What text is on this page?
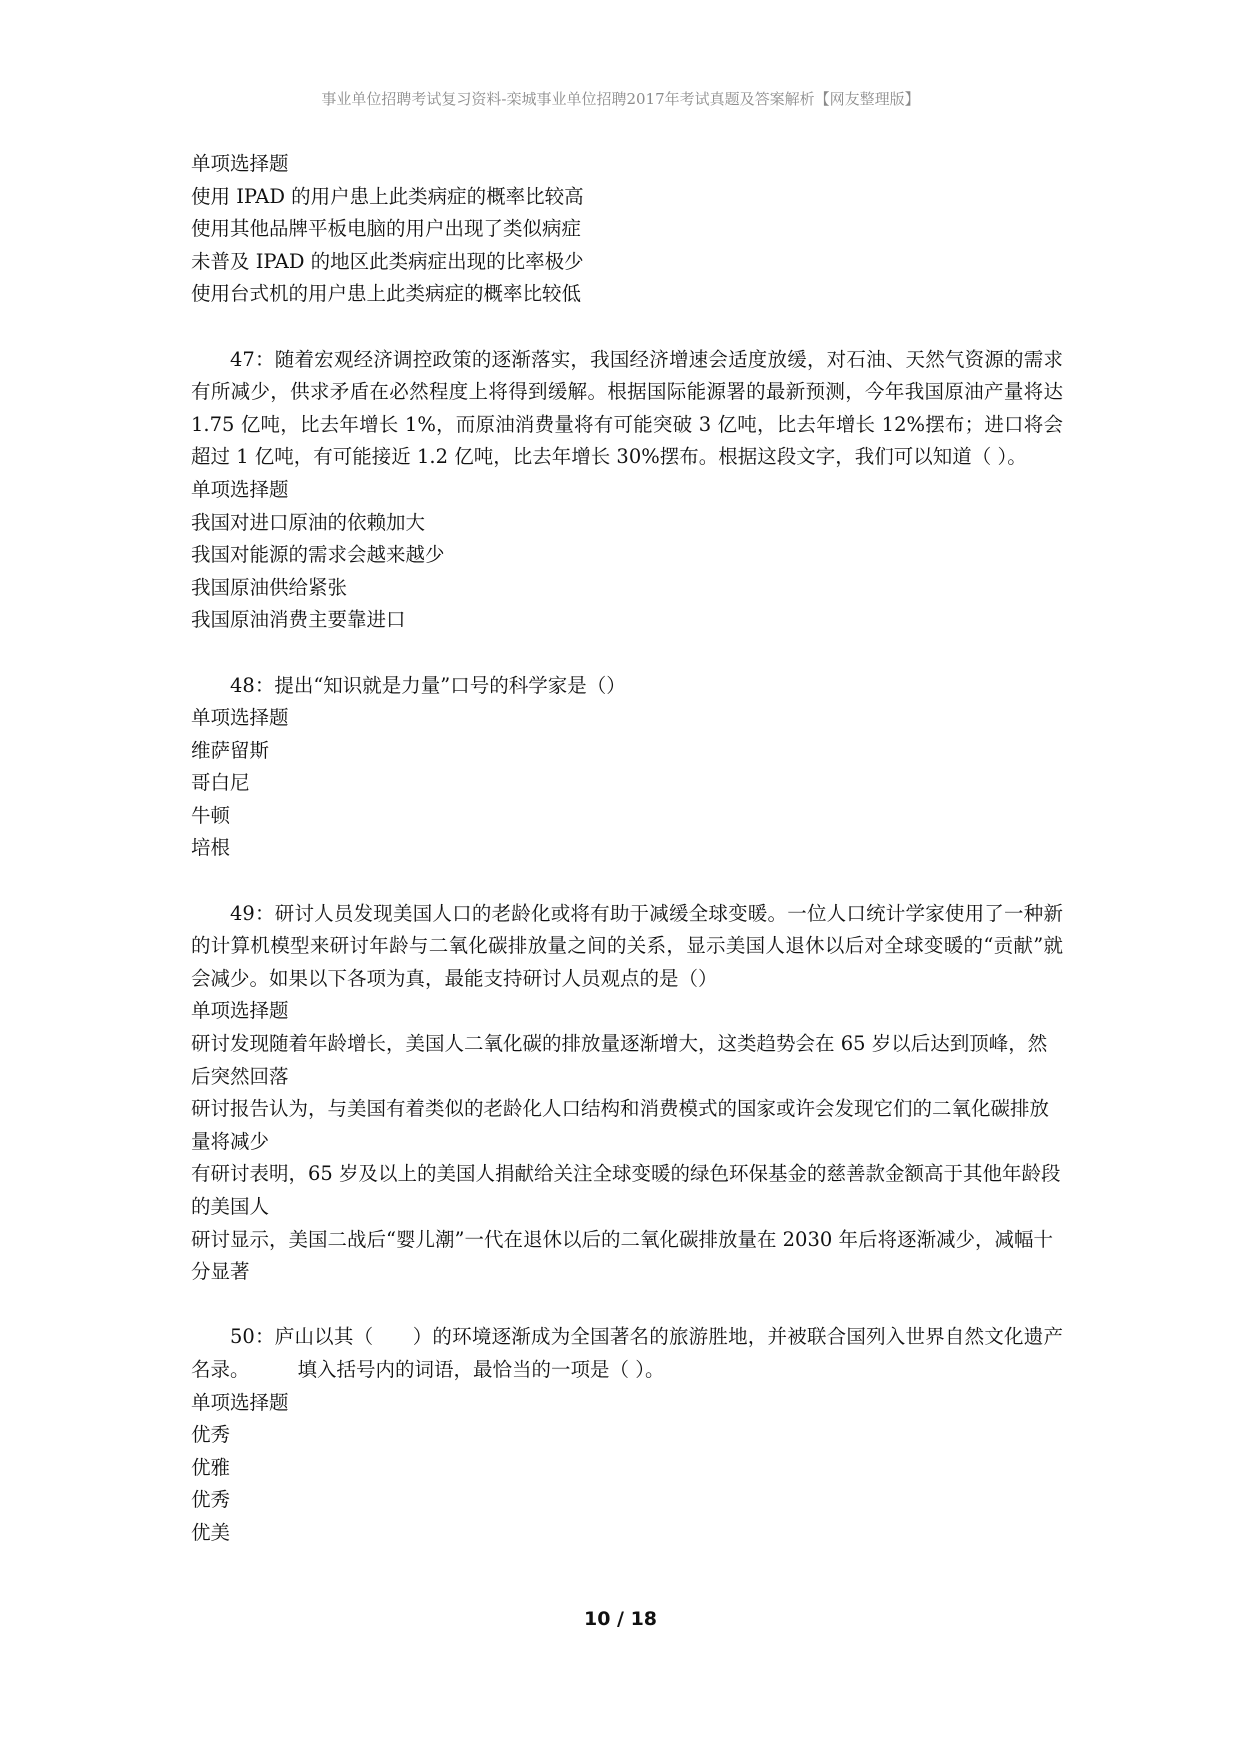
事业单位招聘考试复习资料-栾城事业单位招聘2017年考试真题及答案解析【网友整理版】

单项选择题

使用 IPAD 的用户患上此类病症的概率比较高

使用其他品牌平板电脑的用户出现了类似病症

未普及 IPAD 的地区此类病症出现的比率极少

使用台式机的用户患上此类病症的概率比较低

47：随着宏观经济调控政策的逐渐落实，我国经济增速会适度放缓，对石油、天然气资源的需求有所减少，供求矛盾在必然程度上将得到缓解。根据国际能源署的最新预测，今年我国原油产量将达 1.75 亿吨，比去年增长 1%，而原油消费量将有可能突破 3 亿吨，比去年增长 12%摆布；进口将会超过 1 亿吨，有可能接近 1.2 亿吨，比去年增长 30%摆布。根据这段文字，我们可以知道（ ）。

单项选择题

我国对进口原油的依赖加大

我国对能源的需求会越来越少

我国原油供给紧张

我国原油消费主要靠进口

48：提出“知识就是力量”口号的科学家是（）

单项选择题

维萨留斯

哥白尼

牛顿

培根

49：研讨人员发现美国人口的老龄化或将有助于减缓全球变暖。一位人口统计学家使用了一种新的计算机模型来研讨年龄与二氧化碳排放量之间的关系，显示美国人退休以后对全球变暖的“贡献”就会减少。如果以下各项为真，最能支持研讨人员观点的是（）

单项选择题

研讨发现随着年龄增长，美国人二氧化碳的排放量逐渐增大，这类趋势会在 65 岁以后达到顶峰，然后突然回落

研讨报告认为，与美国有着类似的老龄化人口结构和消费模式的国家或许会发现它们的二氧化碳排放量将减少

有研讨表明，65 岁及以上的美国人捐献给关注全球变暖的绿色环保基金的慈善款金额高于其他年龄段的美国人

研讨显示，美国二战后“婴儿潮”一代在退休以后的二氧化碳排放量在 2030 年后将逐渐减少，减幅十分显著

50：庐山以其（　　）的环境逐渐成为全国著名的旅游胜地，并被联合国列入世界自然文化遗产名录。 填入括号内的词语，最恰当的一项是（ ）。

单项选择题

优秀

优雅

优秀

优美

10 / 18
